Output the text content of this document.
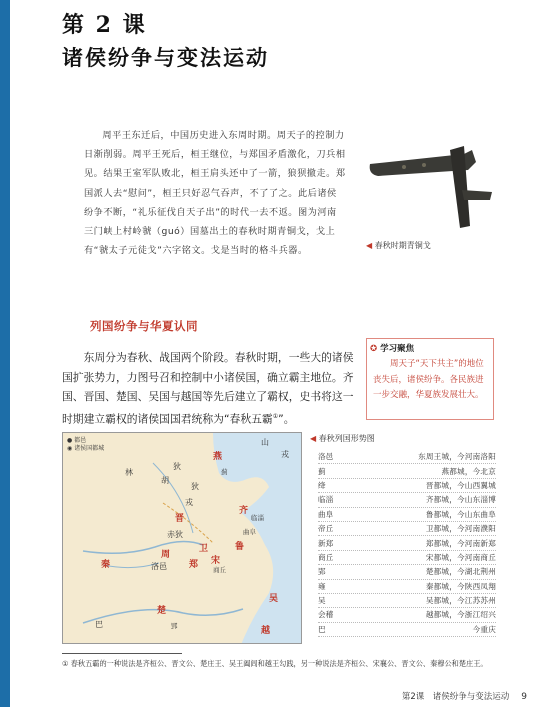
第 2 课
诸侯纷争与变法运动

周平王东迁后，中国历史进入东周时期。周天子的控制力日渐削弱。周平王死后，桓王继位，与郑国矛盾激化，刀兵相见。结果王室军队败北，桓王肩头还中了一箭，狼狈撤走。郑国派人去“慰问”，桓王只好忍气吞声，不了了之。此后诸侯纷争不断，“礼乐征伐自天子出”的时代一去不返。图为河南三门峡上村岭虢（guó）国墓出土的春秋时期青铜戈，戈上有“虢太子元徒戈”六字铭文。戈是当时的格斗兵器。	◀ 春秋时期青铜戈
列国纷争与华夏认同

东周分为春秋、战国两个阶段。春秋时期，一些大的诸侯国扩张势力，力图号召和控制中小诸侯国，确立霸主地位。齐国、晋国、楚国、吴国与越国等先后建立了霸权，史书将这一时期建立霸权的诸侯国国君统称为“春秋五霸①”。

✪ 学习聚焦

周天子“天下共主”的地位丧失后，诸侯纷争。各民族进一步交融，华夏族发展壮大。

● 都邑
◉ 诸侯国都城
山
戎
燕
蓟
狄
狄
林
胡
戎
晋
齐
临淄
赤狄	曲阜
鲁
秦
卫
洛邑
周
郑 宋
商丘
楚
吴
越
巴	郢
◀ 春秋列国形势图
洛邑	东周王城，今河南洛阳
蓟	燕都城，今北京
绛	晋都城，今山西翼城
临淄	齐都城，今山东淄博
曲阜	鲁都城，今山东曲阜
帝丘	卫都城，今河南濮阳
新郑	郑都城，今河南新郑
商丘	宋都城，今河南商丘
郢	楚都城，今湖北荆州
雍	秦都城，今陕西凤翔
吴	吴都城，今江苏苏州
会稽	越都城，今浙江绍兴
巴	今重庆

① 春秋五霸的一种说法是齐桓公、晋文公、楚庄王、吴王阖闾和越王勾践，另一种说法是齐桓公、宋襄公、晋文公、秦穆公和楚庄王。

第2课　诸侯纷争与变法运动 9
